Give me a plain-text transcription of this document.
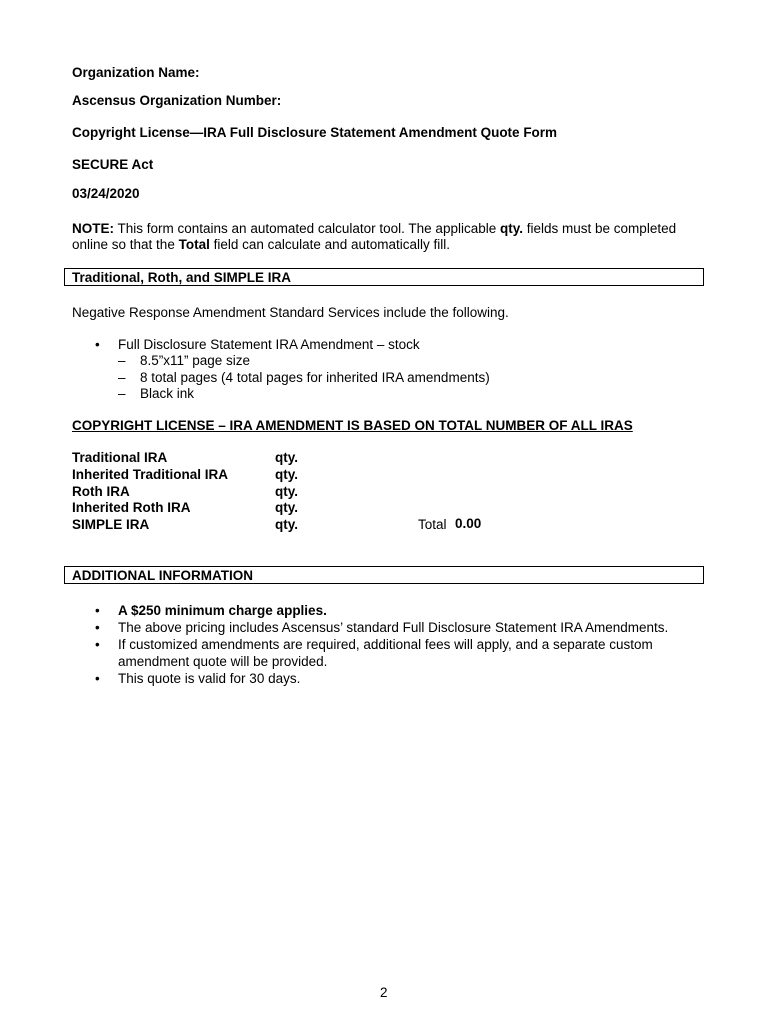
Organization Name:
Ascensus Organization Number:
Copyright License—IRA Full Disclosure Statement Amendment Quote Form
SECURE Act
03/24/2020
NOTE: This form contains an automated calculator tool. The applicable qty. fields must be completed
online so that the Total field can calculate and automatically fill.
Traditional, Roth, and SIMPLE IRA
Negative Response Amendment Standard Services include the following.
• Full Disclosure Statement IRA Amendment – stock
– 8.5”x11” page size
– 8 total pages (4 total pages for inherited IRA amendments)
– Black ink
COPYRIGHT LICENSE – IRA AMENDMENT IS BASED ON TOTAL NUMBER OF ALL IRAS
Traditional IRA	qty.
Inherited Traditional IRA	qty.
Roth IRA	qty.
Inherited Roth IRA	qty.
SIMPLE IRA	qty.	Total 0.00
ADDITIONAL INFORMATION
• A $250 minimum charge applies.
• The above pricing includes Ascensus’ standard Full Disclosure Statement IRA Amendments.
• If customized amendments are required, additional fees will apply, and a separate custom
amendment quote will be provided.
• This quote is valid for 30 days.
2
